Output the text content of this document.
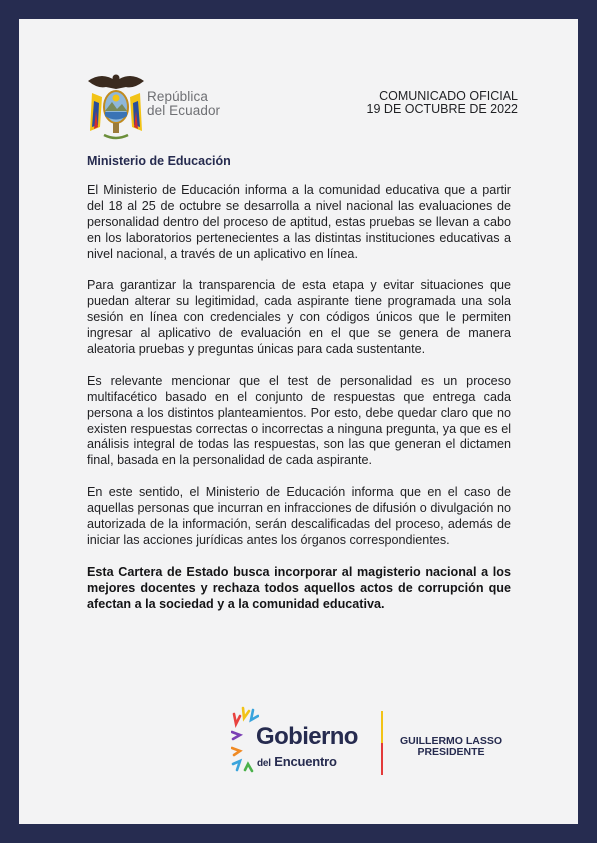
República
del Ecuador
COMUNICADO OFICIAL
19 DE OCTUBRE DE 2022
Ministerio de Educación

El Ministerio de Educación informa a la comunidad educativa que a partir del 18 al 25 de octubre se desarrolla a nivel nacional las evaluaciones de personalidad dentro del proceso de aptitud, estas pruebas se llevan a cabo en los laboratorios pertenecientes a las distintas instituciones educativas a nivel nacional, a través de un aplicativo en línea.

Para garantizar la transparencia de esta etapa y evitar situaciones que puedan alterar su legitimidad, cada aspirante tiene programada una sola sesión en línea con credenciales y con códigos únicos que le permiten ingresar al aplicativo de evaluación en el que se genera de manera aleatoria pruebas y preguntas únicas para cada sustentante.

Es relevante mencionar que el test de personalidad es un proceso multifacético basado en el conjunto de respuestas que entrega cada persona a los distintos planteamientos. Por esto, debe quedar claro que no existen respuestas correctas o incorrectas a ninguna pregunta, ya que es el análisis integral de todas las respuestas, son las que generan el dictamen final, basada en la personalidad de cada aspirante.

En este sentido, el Ministerio de Educación informa que en el caso de aquellas personas que incurran en infracciones de difusión o divulgación no autorizada de la información, serán descalificadas del proceso, además de iniciar las acciones jurídicas antes los órganos correspondientes.

Esta Cartera de Estado busca incorporar al magisterio nacional a los mejores docentes y rechaza todos aquellos actos de corrupción que afectan a la sociedad y a la comunidad educativa.

Gobierno
del Encuentro
GUILLERMO LASSO
PRESIDENTE
